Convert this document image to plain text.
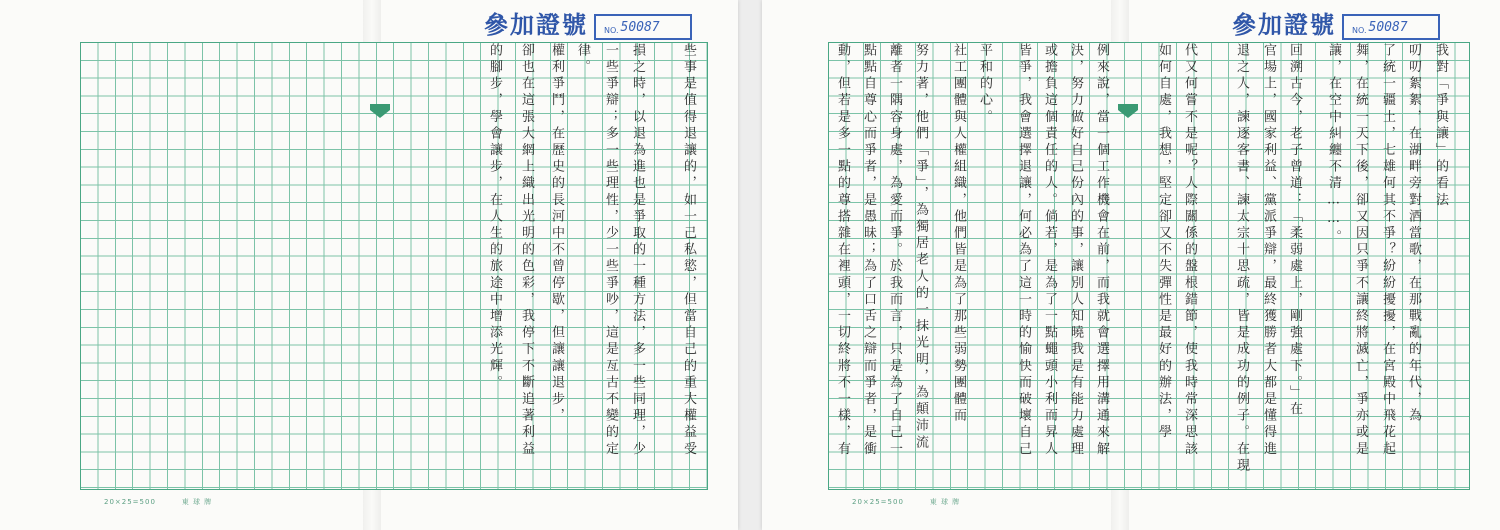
參加證號 NO. 50087
些事是值得退讓的，如一己私慾，但當自己的重大權益受
損之時，以退為進也是爭取的一種方法，多一些同理，少
一些爭辯；多一些理性，少一些爭吵，這是亙古不變的定
律。
權利爭鬥，在歷史的長河中不曾停歇，但讓讓退步，
卻也在這張大網上織出光明的色彩，我停下不斷追著利益
的腳步，學會讓步，在人生的旅途中增添光輝。
20×25=500	東 球 牌
參加證號 NO. 50087
我對「爭與讓」的看法
叨叨絮絮，在湖畔旁對酒當歌，在那戰亂的年代，為
了統一疆土，七雄何其不爭？紛紛擾擾，在宮殿中飛花起
舞，在統一天下後，卻又因只爭不讓終將滅亡，爭亦或是
讓，在空中糾纏不清……。
回溯古今，老子曾道：「柔弱處上，剛強處下。」在
官場上，國家利益、黨派爭辯，最終獲勝者大都是懂得進
退之人，諫逐客書、諫太宗十思疏，皆是成功的例子。在現
代又何嘗不是呢？人際關係的盤根錯節，使我時常深思該
如何自處，我想，堅定卻又不失彈性是最好的辦法，學
例來說，當一個工作機會在前，而我就會選擇用溝通來解
決，努力做好自己份內的事，讓別人知曉我是有能力處理
或擔負這個責任的人。倘若，是為了一點蠅頭小利而昇人
皆爭，我會選擇退讓，何必為了這一時的愉快而破壞自己
平和的心。
社工團體與人權組織，他們皆是為了那些弱勢團體而
努力著，他們「爭」，為獨居老人的一抹光明，為顛沛流
離者一隅容身處，為愛而爭。於我而言，只是為了自己一
點點自尊心而爭者，是愚昧；為了口舌之辯而爭者，是衝
動，但若是多一點的尊搭雜在裡頭，一切終將不一樣，有
20×25=500	東 球 牌
